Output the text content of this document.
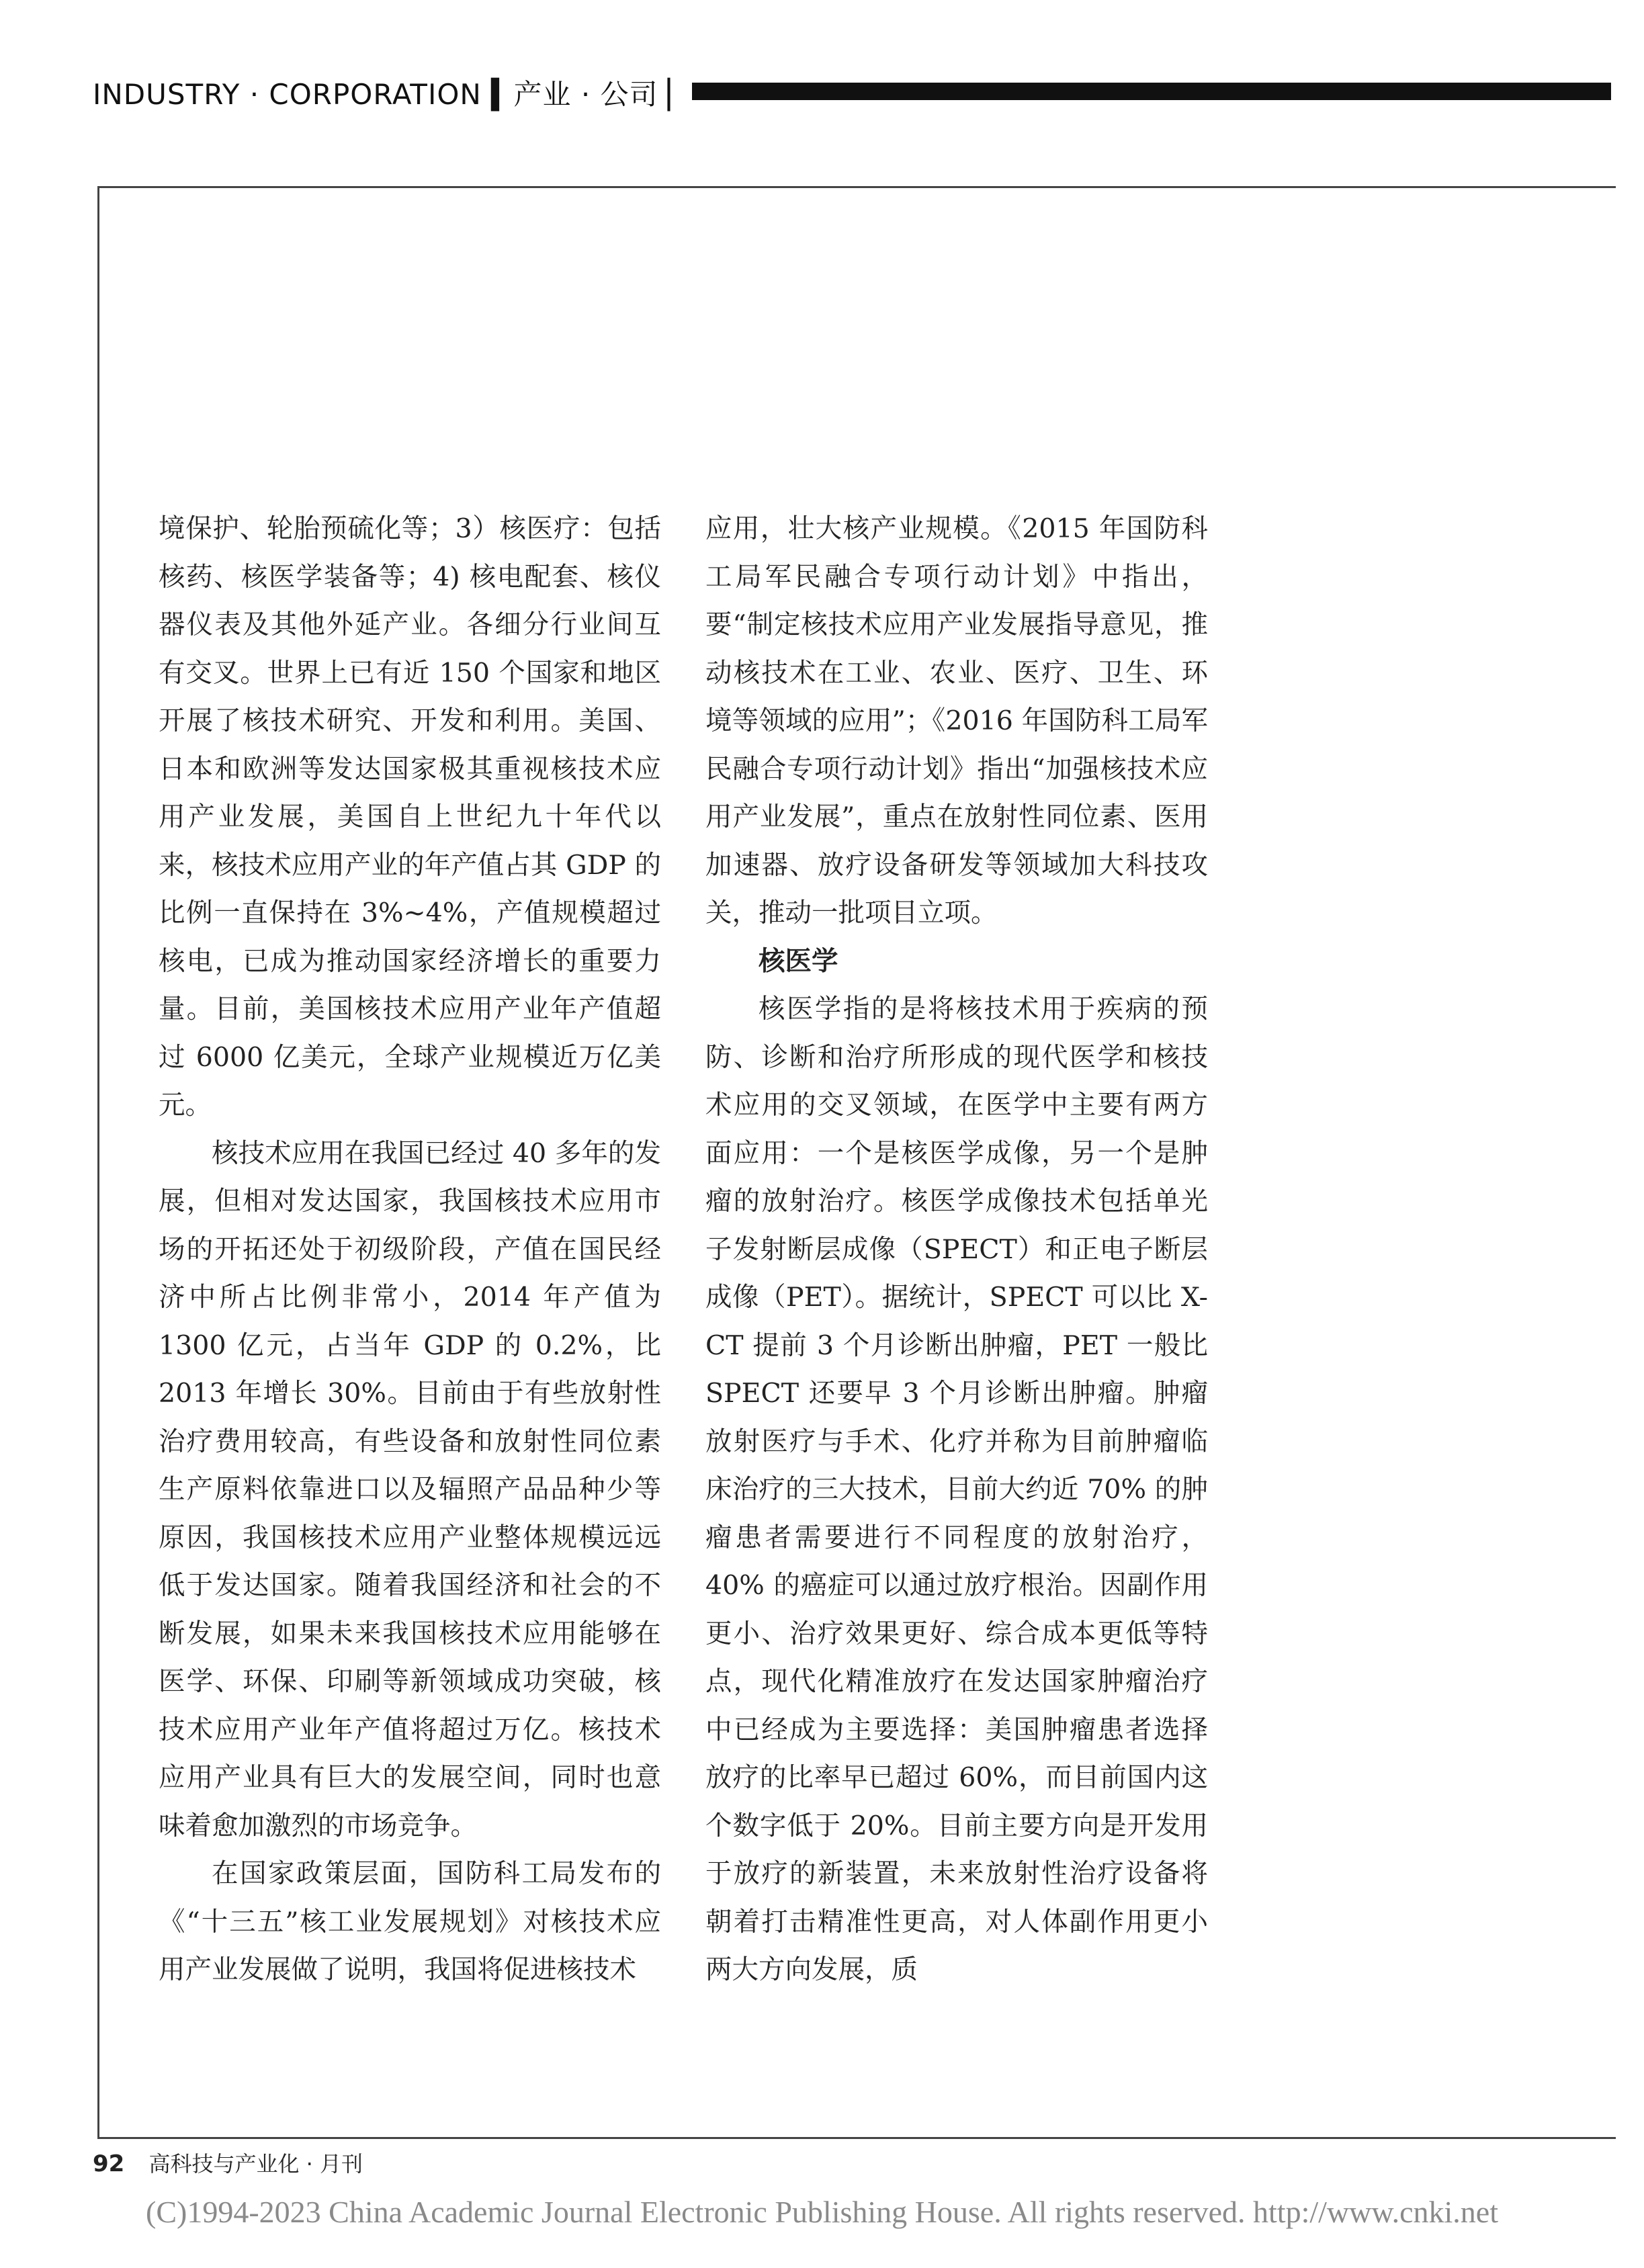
INDUSTRY · CORPORATION ▍产业 · 公司 ▏

境保护、轮胎预硫化等；3）核医疗：包括核药、核医学装备等；4) 核电配套、核仪器仪表及其他外延产业。各细分行业间互有交叉。世界上已有近 150 个国家和地区开展了核技术研究、开发和利用。美国、日本和欧洲等发达国家极其重视核技术应用产业发展，美国自上世纪九十年代以来，核技术应用产业的年产值占其 GDP 的比例一直保持在 3%~4%，产值规模超过核电，已成为推动国家经济增长的重要力量。目前，美国核技术应用产业年产值超过 6000 亿美元，全球产业规模近万亿美元。

核技术应用在我国已经过 40 多年的发展，但相对发达国家，我国核技术应用市场的开拓还处于初级阶段，产值在国民经济中所占比例非常小，2014 年产值为 1300 亿元，占当年 GDP 的 0.2%，比 2013 年增长 30%。目前由于有些放射性治疗费用较高，有些设备和放射性同位素生产原料依靠进口以及辐照产品品种少等原因，我国核技术应用产业整体规模远远低于发达国家。随着我国经济和社会的不断发展，如果未来我国核技术应用能够在医学、环保、印刷等新领域成功突破，核技术应用产业年产值将超过万亿。核技术应用产业具有巨大的发展空间，同时也意味着愈加激烈的市场竞争。

在国家政策层面，国防科工局发布的《“十三五”核工业发展规划》对核技术应用产业发展做了说明，我国将促进核技术

应用，壮大核产业规模。《2015 年国防科工局军民融合专项行动计划》中指出，要“制定核技术应用产业发展指导意见，推动核技术在工业、农业、医疗、卫生、环境等领域的应用”；《2016 年国防科工局军民融合专项行动计划》指出“加强核技术应用产业发展”，重点在放射性同位素、医用加速器、放疗设备研发等领域加大科技攻关，推动一批项目立项。

核医学

核医学指的是将核技术用于疾病的预防、诊断和治疗所形成的现代医学和核技术应用的交叉领域，在医学中主要有两方面应用：一个是核医学成像，另一个是肿瘤的放射治疗。核医学成像技术包括单光子发射断层成像（SPECT）和正电子断层成像（PET）。据统计，SPECT 可以比 X- CT 提前 3 个月诊断出肿瘤，PET 一般比 SPECT 还要早 3 个月诊断出肿瘤。肿瘤放射医疗与手术、化疗并称为目前肿瘤临床治疗的三大技术，目前大约近 70% 的肿瘤患者需要进行不同程度的放射治疗，40% 的癌症可以通过放疗根治。因副作用更小、治疗效果更好、综合成本更低等特点，现代化精准放疗在发达国家肿瘤治疗中已经成为主要选择：美国肿瘤患者选择放疗的比率早已超过 60%，而目前国内这个数字低于 20%。目前主要方向是开发用于放疗的新装置，未来放射性治疗设备将朝着打击精准性更高，对人体副作用更小两大方向发展，质

92 高科技与产业化 · 月刊
(C)1994-2023 China Academic Journal Electronic Publishing House. All rights reserved. http://www.cnki.net
